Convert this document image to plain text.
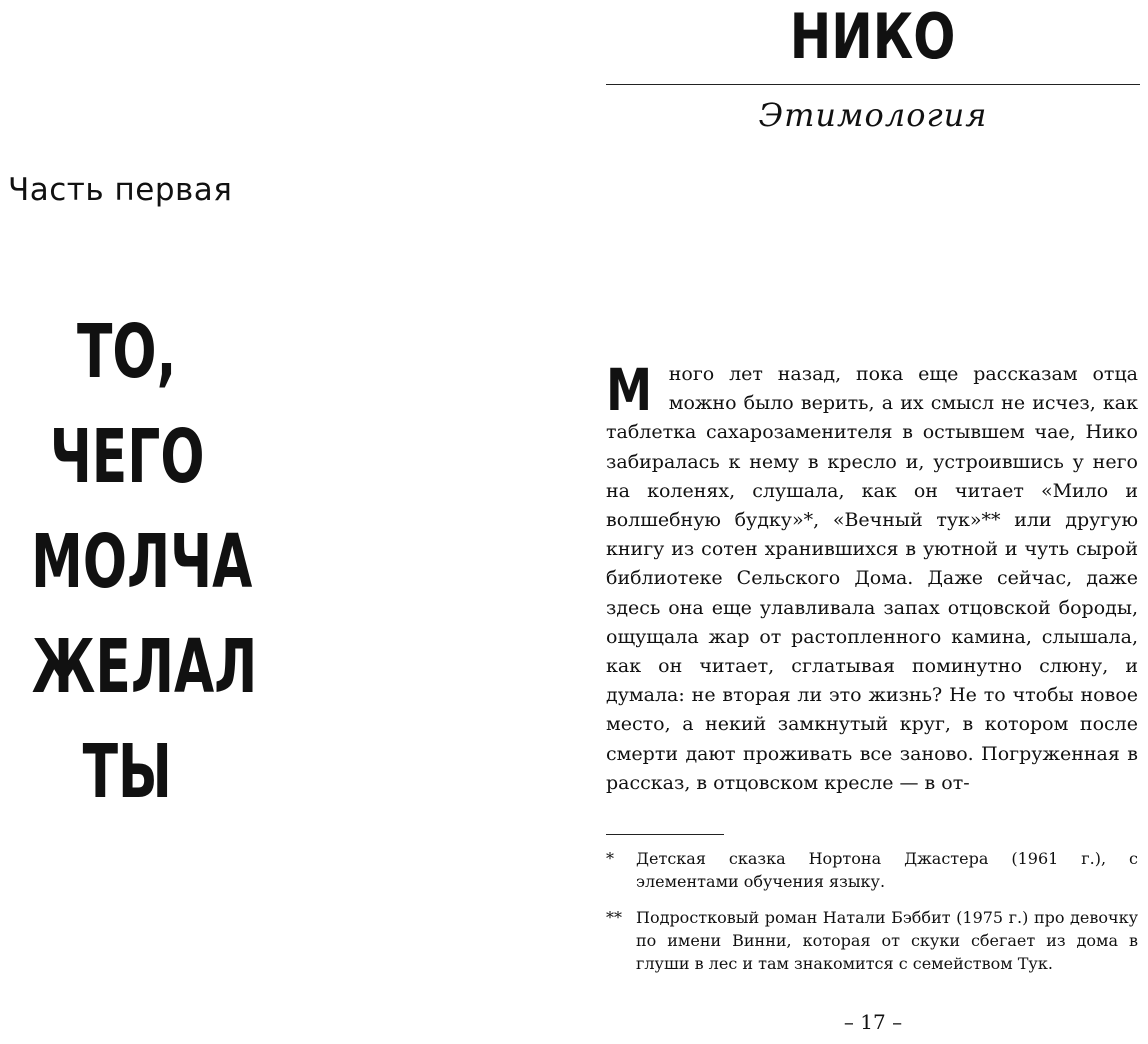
Часть первая
ТО,
ЧЕГО
МОЛЧА
ЖЕЛАЛ
ТЫ
НИКО
Этимология
Много лет назад, пока еще рассказам отца можно было верить, а их смысл не исчез, как таблетка сахарозаменителя в остывшем чае, Нико забиралась к нему в кресло и, устроившись у него на коленях, слушала, как он читает «Мило и волшебную будку»*, «Вечный тук»** или другую книгу из сотен хранившихся в уютной и чуть сырой библиотеке Сельского Дома. Даже сейчас, даже здесь она еще улавливала запах отцовской бороды, ощущала жар от растопленного камина, слышала, как он читает, сглатывая поминутно слюну, и думала: не вторая ли это жизнь? Не то чтобы новое место, а некий замкнутый круг, в котором после смерти дают проживать все заново. Погруженная в рассказ, в отцовском кресле — в от-
* Детская сказка Нортона Джастера (1961 г.), с элементами обучения языку.
** Подростковый роман Натали Бэббит (1975 г.) про девочку по имени Винни, которая от скуки сбегает из дома в глуши в лес и там знакомится с семейством Тук.
– 17 –
